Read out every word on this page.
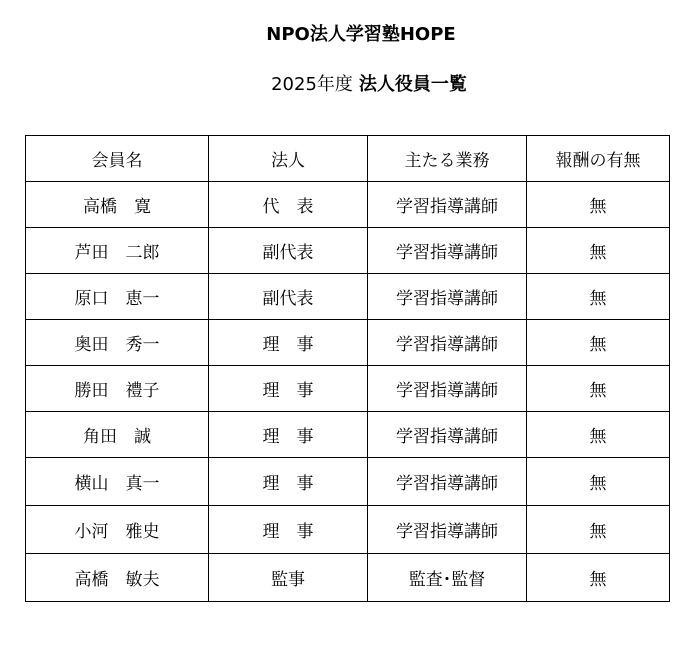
NPO法人学習塾HOPE
2025年度 法人役員一覧
会員名	法人	主たる業務	報酬の有無
高橋　寛	代　表	学習指導講師	無
芦田　二郎	副代表	学習指導講師	無
原口　恵一	副代表	学習指導講師	無
奥田　秀一	理　事	学習指導講師	無
勝田　禮子	理　事	学習指導講師	無
角田　誠	理　事	学習指導講師	無
横山　真一	理　事	学習指導講師	無
小河　雅史	理　事	学習指導講師	無
高橋　敏夫	監事	監査･監督	無
